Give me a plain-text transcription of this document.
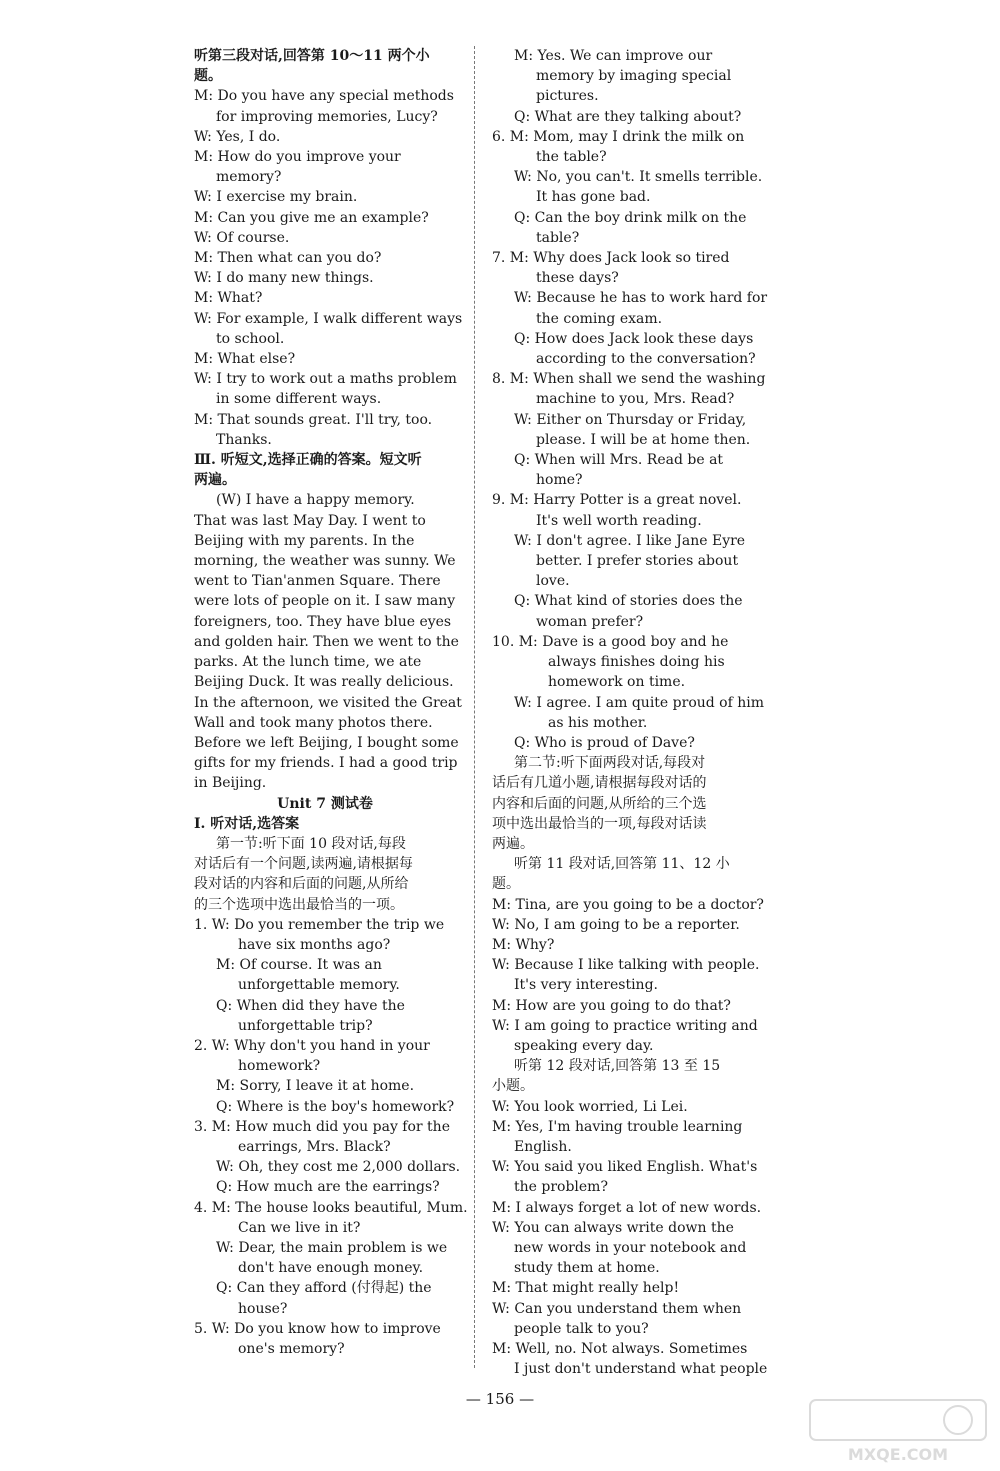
听第三段对话,回答第 10～11 两个小
题。
M: Do you have any special methods
for improving memories, Lucy?
W: Yes, I do.
M: How do you improve your
memory?
W: I exercise my brain.
M: Can you give me an example?
W: Of course.
M: Then what can you do?
W: I do many new things.
M: What?
W: For example, I walk different ways
to school.
M: What else?
W: I try to work out a maths problem
in some different ways.
M: That sounds great. I'll try, too.
Thanks.
Ⅲ. 听短文,选择正确的答案。短文听
两遍。
(W) I have a happy memory.
That was last May Day. I went to
Beijing with my parents. In the
morning, the weather was sunny. We
went to Tian'anmen Square. There
were lots of people on it. I saw many
foreigners, too. They have blue eyes
and golden hair. Then we went to the
parks. At the lunch time, we ate
Beijing Duck. It was really delicious.
In the afternoon, we visited the Great
Wall and took many photos there.
Before we left Beijing, I bought some
gifts for my friends. I had a good trip
in Beijing.
Unit 7 测试卷
Ⅰ. 听对话,选答案
第一节:听下面 10 段对话,每段
对话后有一个问题,读两遍,请根据每
段对话的内容和后面的问题,从所给
的三个选项中选出最恰当的一项。
1. W: Do you remember the trip we
have six months ago?
M: Of course. It was an
unforgettable memory.
Q: When did they have the
unforgettable trip?
2. W: Why don't you hand in your
homework?
M: Sorry, I leave it at home.
Q: Where is the boy's homework?
3. M: How much did you pay for the
earrings, Mrs. Black?
W: Oh, they cost me 2,000 dollars.
Q: How much are the earrings?
4. M: The house looks beautiful, Mum.
Can we live in it?
W: Dear, the main problem is we
don't have enough money.
Q: Can they afford (付得起) the
house?
5. W: Do you know how to improve
one's memory?
M: Yes. We can improve our
memory by imaging special
pictures.
Q: What are they talking about?
6. M: Mom, may I drink the milk on
the table?
W: No, you can't. It smells terrible.
It has gone bad.
Q: Can the boy drink milk on the
table?
7. M: Why does Jack look so tired
these days?
W: Because he has to work hard for
the coming exam.
Q: How does Jack look these days
according to the conversation?
8. M: When shall we send the washing
machine to you, Mrs. Read?
W: Either on Thursday or Friday,
please. I will be at home then.
Q: When will Mrs. Read be at
home?
9. M: Harry Potter is a great novel.
It's well worth reading.
W: I don't agree. I like Jane Eyre
better. I prefer stories about
love.
Q: What kind of stories does the
woman prefer?
10. M: Dave is a good boy and he
always finishes doing his
homework on time.
W: I agree. I am quite proud of him
as his mother.
Q: Who is proud of Dave?
第二节:听下面两段对话,每段对
话后有几道小题,请根据每段对话的
内容和后面的问题,从所给的三个选
项中选出最恰当的一项,每段对话读
两遍。
听第 11 段对话,回答第 11、12 小
题。
M: Tina, are you going to be a doctor?
W: No, I am going to be a reporter.
M: Why?
W: Because I like talking with people.
It's very interesting.
M: How are you going to do that?
W: I am going to practice writing and
speaking every day.
听第 12 段对话,回答第 13 至 15
小题。
W: You look worried, Li Lei.
M: Yes, I'm having trouble learning
English.
W: You said you liked English. What's
the problem?
M: I always forget a lot of new words.
W: You can always write down the
new words in your notebook and
study them at home.
M: That might really help!
W: Can you understand them when
people talk to you?
M: Well, no. Not always. Sometimes
I just don't understand what people
— 156 —
MXQE.COM
